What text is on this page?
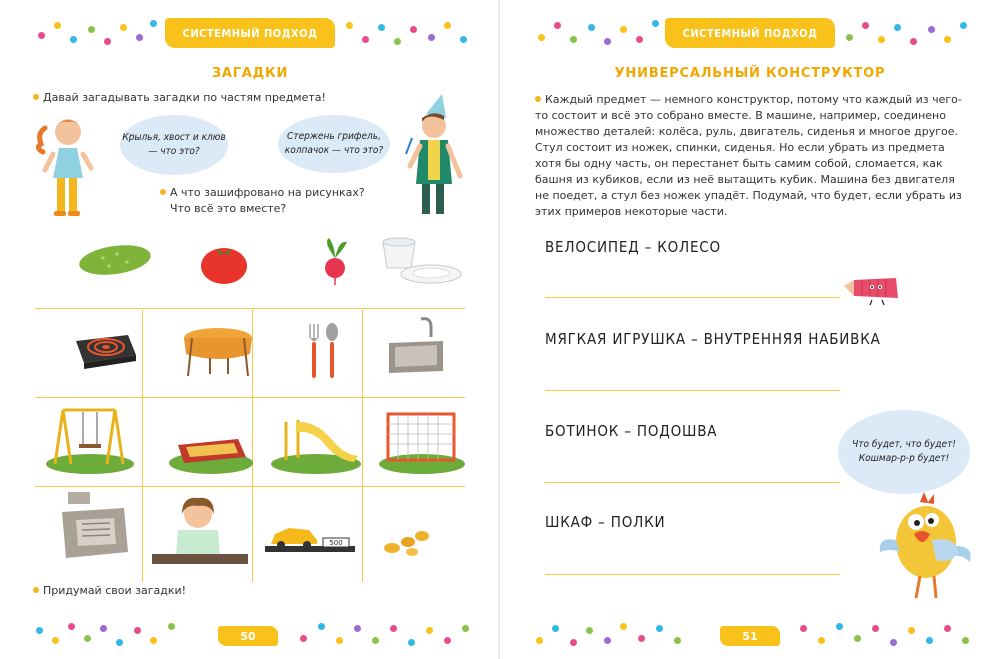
СИСТЕМНЫЙ ПОДХОД
ЗАГАДКИ
Давай загадывать загадки по частям предмета!
Крылья, хвост и клюв — что это?
Стержень грифель, колпачок — что это?
А что зашифровано на рисунках?
Что всё это вместе?
500
Придумай свои загадки!
50
СИСТЕМНЫЙ ПОДХОД
УНИВЕРСАЛЬНЫЙ КОНСТРУКТОР
Каждый предмет — немного конструктор, потому что каждый из чего-то состоит и всё это собрано вместе. В машине, например, соединено множество деталей: колёса, руль, двигатель, сиденья и многое другое. Стул состоит из ножек, спинки, сиденья. Но если убрать из предмета хотя бы одну часть, он перестанет быть самим собой, сломается, как башня из кубиков, если из неё вытащить кубик. Машина без двигателя не поедет, а стул без ножек упадёт. Подумай, что будет, если убрать из этих примеров некоторые части.
ВЕЛОСИПЕД – КОЛЕСО
МЯГКАЯ ИГРУШКА – ВНУТРЕННЯЯ НАБИВКА
БОТИНОК – ПОДОШВА
ШКАФ – ПОЛКИ
Что будет, что будет! Кошмар-р-р будет!
51
